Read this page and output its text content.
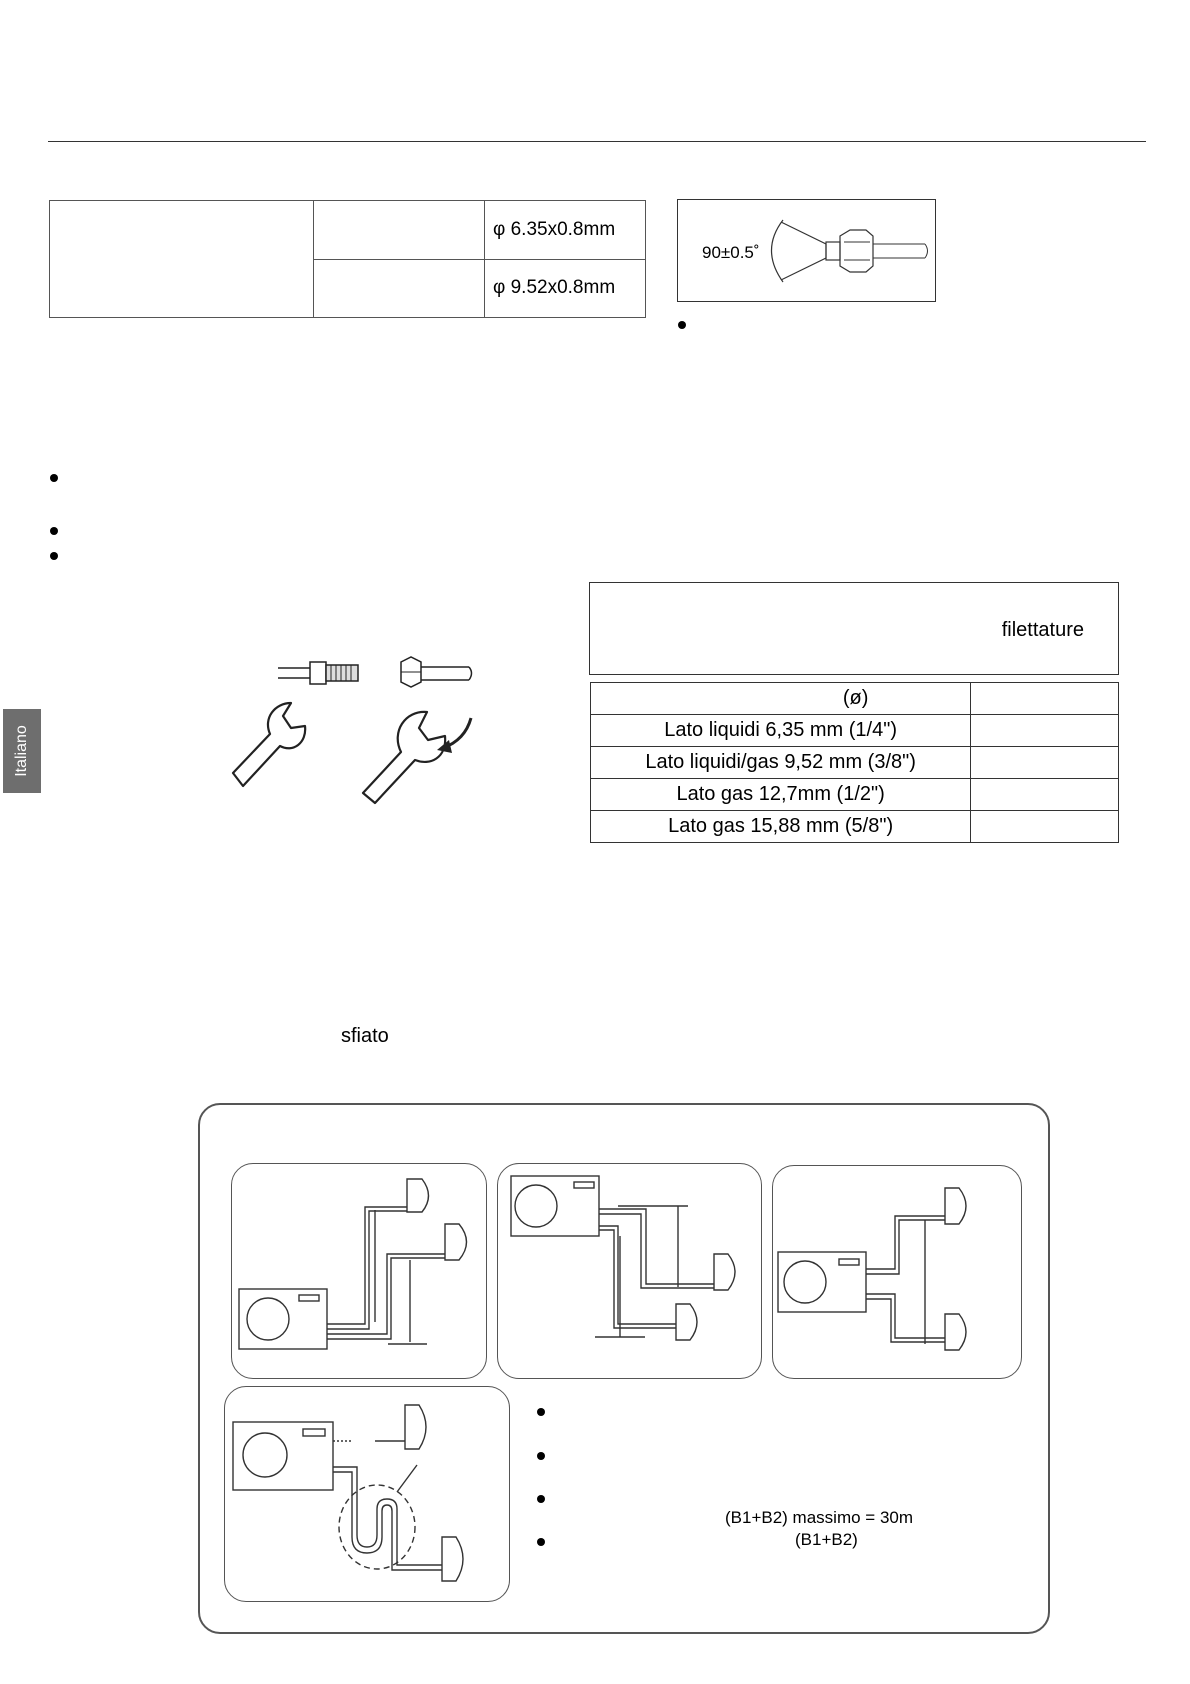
		φ 6.35x0.8mm
		φ 9.52x0.8mm
90±0.5˚
Italiano
filettature
(ø)	
Lato liquidi 6,35 mm (1/4")	
Lato liquidi/gas 9,52 mm (3/8")	
Lato gas 12,7mm (1/2")	
Lato gas 15,88 mm (5/8")	
sfiato
(B1+B2) massimo = 30m
(B1+B2)
